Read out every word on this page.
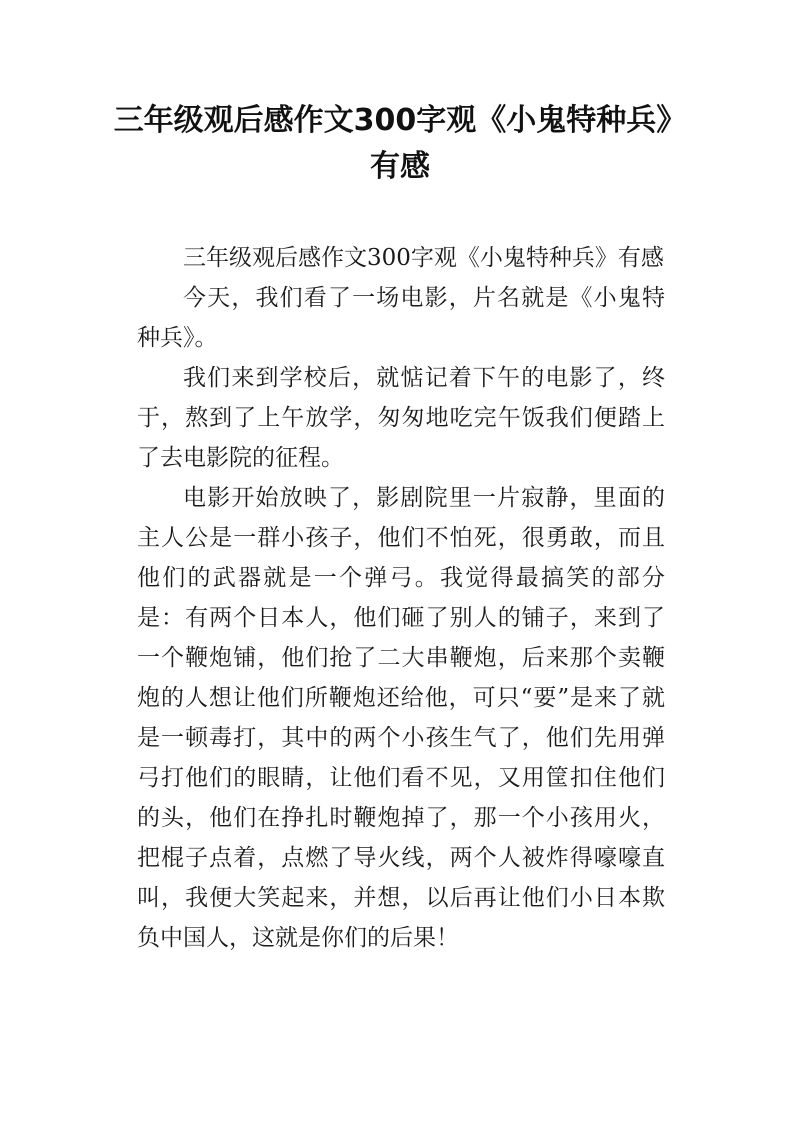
三年级观后感作文300字观《小鬼特种兵》有感

三年级观后感作文300字观《小鬼特种兵》有感

今天，我们看了一场电影，片名就是《小鬼特种兵》。

我们来到学校后，就惦记着下午的电影了，终于，熬到了上午放学，匆匆地吃完午饭我们便踏上了去电影院的征程。

电影开始放映了，影剧院里一片寂静，里面的主人公是一群小孩子，他们不怕死，很勇敢，而且他们的武器就是一个弹弓。我觉得最搞笑的部分是：有两个日本人，他们砸了别人的铺子，来到了一个鞭炮铺，他们抢了二大串鞭炮，后来那个卖鞭炮的人想让他们所鞭炮还给他，可只“要”是来了就是一顿毒打，其中的两个小孩生气了，他们先用弹弓打他们的眼睛，让他们看不见，又用筐扣住他们的头，他们在挣扎时鞭炮掉了，那一个小孩用火，把棍子点着，点燃了导火线，两个人被炸得嚎嚎直叫，我便大笑起来，并想，以后再让他们小日本欺负中国人，这就是你们的后果！
